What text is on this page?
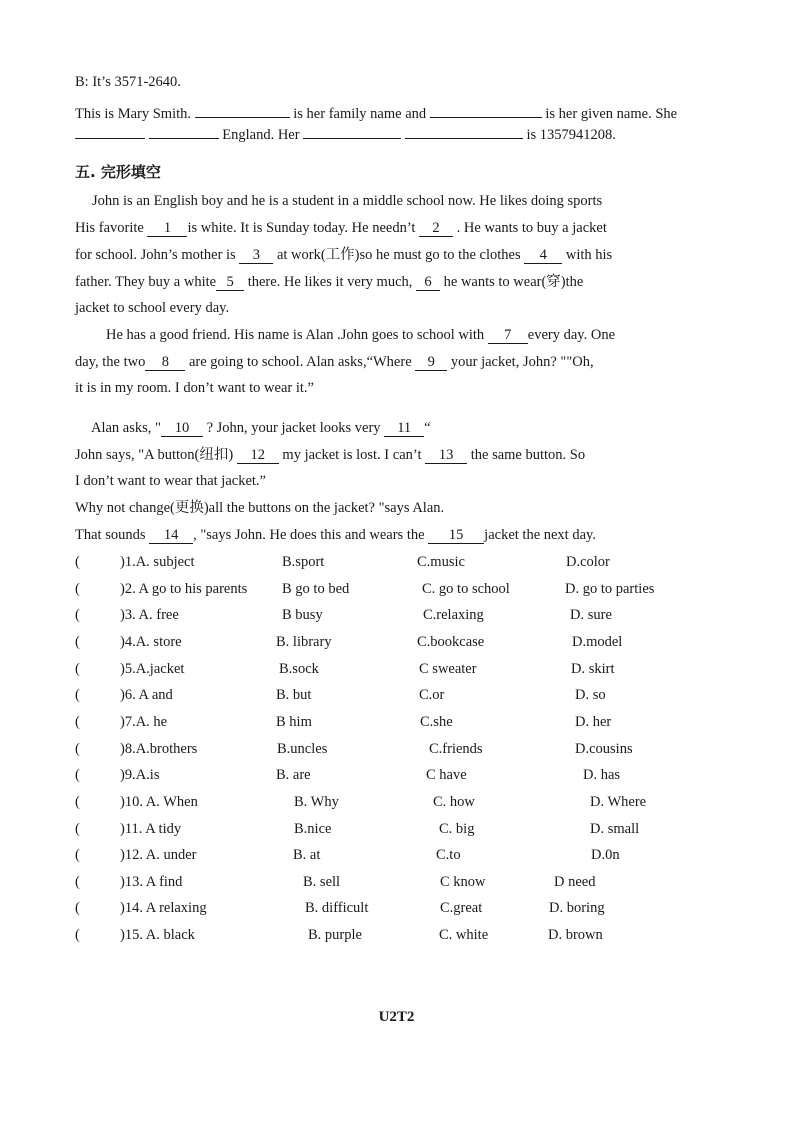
B: It’s 3571-2640.
This is Mary Smith.	is her family name and	is her given name. She
England. Her	is 1357941208.
五. 完形填空
John is an English boy and he is a student in a middle school now. He likes doing sports
His favorite 1 is white. It is Sunday today. He needn’t 2 . He wants to buy a jacket
for school. John’s mother is 3 at work(工作)so he must go to the clothes 4 with his
father. They buy a white 5 there. He likes it very much, 6 he wants to wear(穿)the
jacket to school every day.
He has a good friend. His name is Alan .John goes to school with 7 every day. One
day, the two 8 are going to school. Alan asks,“Where 9 your jacket, John? ""Oh,
it is in my room. I don’t want to wear it.”
Alan asks, " 10 ? John, your jacket looks very 11 “
John says, "A button(纽扣) 12 my jacket is lost. I can’t 13 the same button. So
I don’t want to wear that jacket.”
Why not change(更换)all the buttons on the jacket? "says Alan.
That sounds 14 , "says John. He does this and wears the 15 jacket the next day.
(	)1.A. subject	B.sport	C.music	D.color
(	)2. A go to his parents B go to bed	C. go to school	D. go to parties
(	)3. A. free	B busy	C.relaxing	D. sure
(	)4.A. store	B. library	C.bookcase	D.model
(	)5.A.jacket	B.sock	C sweater	D. skirt
(	)6. A and	B. but	C.or	D. so
(	)7.A. he	B him	C.she	D. her
(	)8.A.brothers	B.uncles	C.friends	D.cousins
(	)9.A.is	B. are	C have	D. has
(	)10. A. When	B. Why	C. how	D. Where
(	)11. A tidy	B.nice	C. big	D. small
(	)12. A. under	B. at	C.to	D.0n
(	)13. A find	B. sell	C know	D need
(	)14. A relaxing	B. difficult	C.great	D. boring
(	)15. A. black	B. purple	C. white	D. brown
U2T2
